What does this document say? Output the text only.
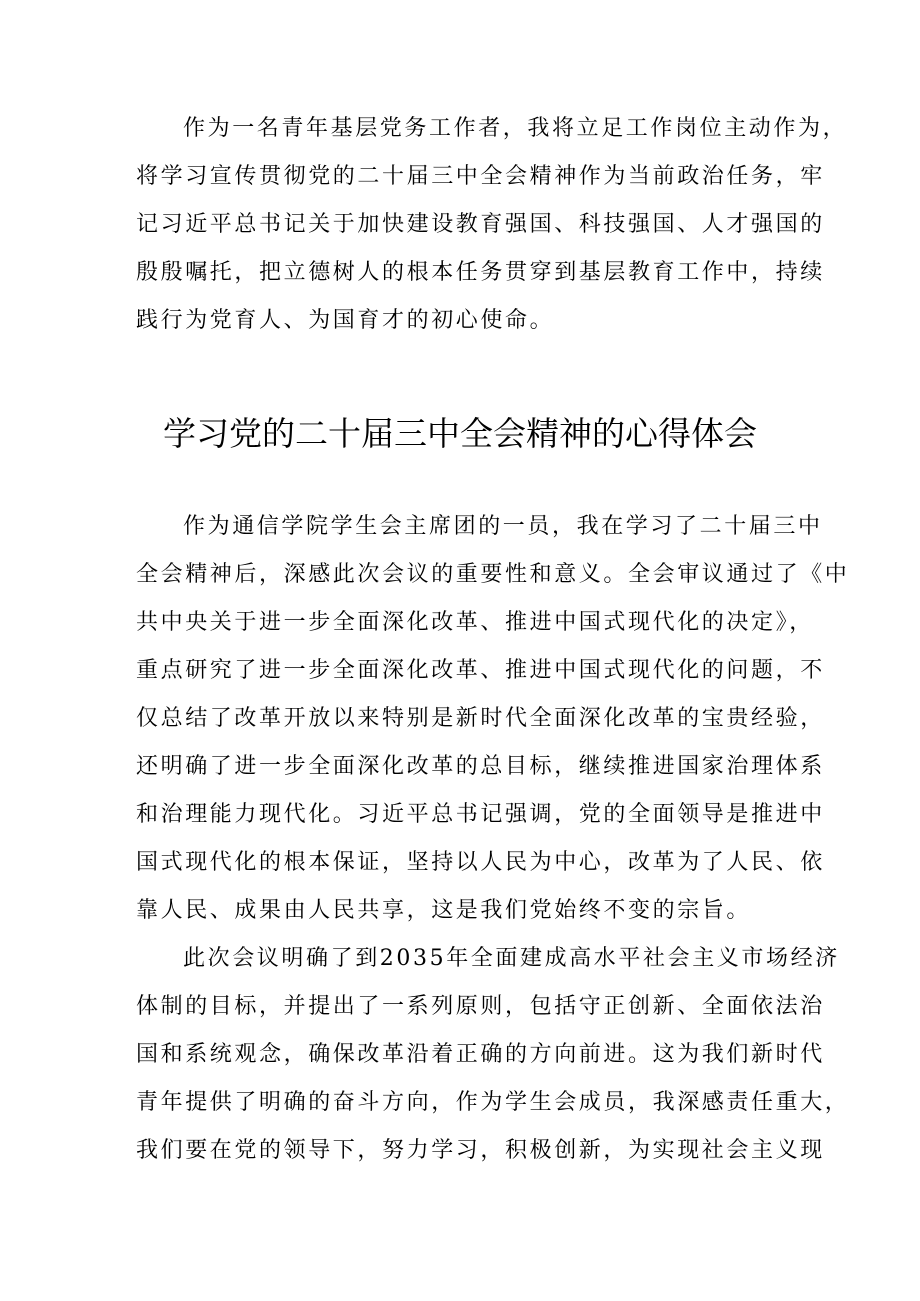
作为一名青年基层党务工作者，我将立足工作岗位主动作为，
将学习宣传贯彻党的二十届三中全会精神作为当前政治任务，牢
记习近平总书记关于加快建设教育强国、科技强国、人才强国的
殷殷嘱托，把立德树人的根本任务贯穿到基层教育工作中，持续
践行为党育人、为国育才的初心使命。
学习党的二十届三中全会精神的心得体会
作为通信学院学生会主席团的一员，我在学习了二十届三中
全会精神后，深感此次会议的重要性和意义。全会审议通过了《中
共中央关于进一步全面深化改革、推进中国式现代化的决定》，
重点研究了进一步全面深化改革、推进中国式现代化的问题，不
仅总结了改革开放以来特别是新时代全面深化改革的宝贵经验，
还明确了进一步全面深化改革的总目标，继续推进国家治理体系
和治理能力现代化。习近平总书记强调，党的全面领导是推进中
国式现代化的根本保证，坚持以人民为中心，改革为了人民、依
靠人民、成果由人民共享，这是我们党始终不变的宗旨。
此次会议明确了到2035年全面建成高水平社会主义市场经济
体制的目标，并提出了一系列原则，包括守正创新、全面依法治
国和系统观念，确保改革沿着正确的方向前进。这为我们新时代
青年提供了明确的奋斗方向，作为学生会成员，我深感责任重大，
我们要在党的领导下，努力学习，积极创新，为实现社会主义现
